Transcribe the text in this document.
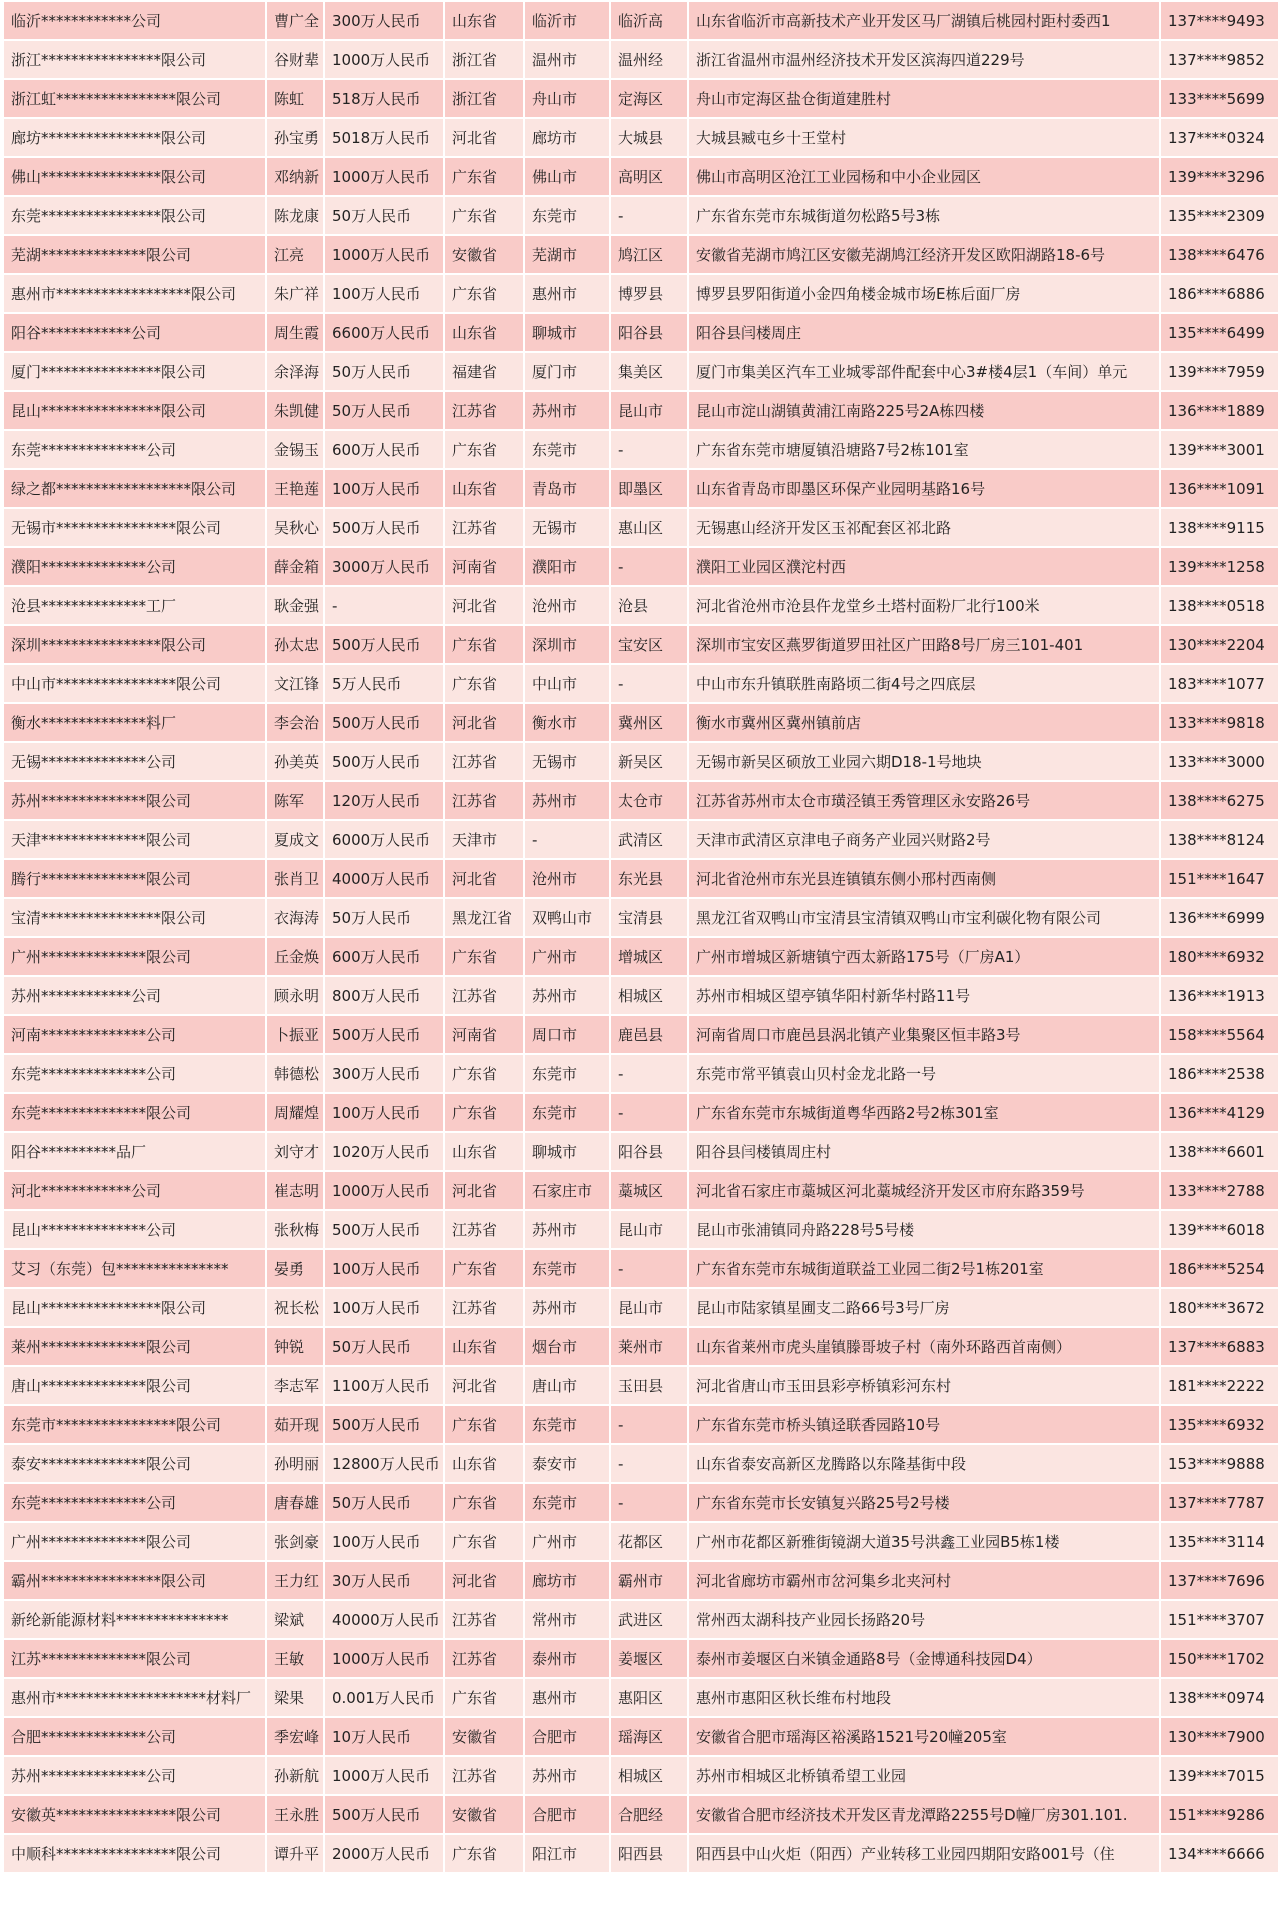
临沂************公司	曹广全	300万人民币	山东省	临沂市	临沂高	山东省临沂市高新技术产业开发区马厂湖镇后桃园村距村委西1	137****9493
浙江****************限公司	谷财辈	1000万人民币	浙江省	温州市	温州经	浙江省温州市温州经济技术开发区滨海四道229号	137****9852
浙江虹****************限公司	陈虹	518万人民币	浙江省	舟山市	定海区	舟山市定海区盐仓街道建胜村	133****5699
廊坊****************限公司	孙宝勇	5018万人民币	河北省	廊坊市	大城县	大城县臧屯乡十王堂村	137****0324
佛山****************限公司	邓纳新	1000万人民币	广东省	佛山市	高明区	佛山市高明区沧江工业园杨和中小企业园区	139****3296
东莞****************限公司	陈龙康	50万人民币	广东省	东莞市	-	广东省东莞市东城街道勿松路5号3栋	135****2309
芜湖**************限公司	江亮	1000万人民币	安徽省	芜湖市	鸠江区	安徽省芜湖市鸠江区安徽芜湖鸠江经济开发区欧阳湖路18-6号	138****6476
惠州市******************限公司	朱广祥	100万人民币	广东省	惠州市	博罗县	博罗县罗阳街道小金四角楼金城市场E栋后面厂房	186****6886
阳谷************公司	周生霞	6600万人民币	山东省	聊城市	阳谷县	阳谷县闫楼周庄	135****6499
厦门****************限公司	余泽海	50万人民币	福建省	厦门市	集美区	厦门市集美区汽车工业城零部件配套中心3#楼4层1（车间）单元	139****7959
昆山****************限公司	朱凯健	50万人民币	江苏省	苏州市	昆山市	昆山市淀山湖镇黄浦江南路225号2A栋四楼	136****1889
东莞**************公司	金锡玉	600万人民币	广东省	东莞市	-	广东省东莞市塘厦镇沿塘路7号2栋101室	139****3001
绿之都******************限公司	王艳莲	100万人民币	山东省	青岛市	即墨区	山东省青岛市即墨区环保产业园明基路16号	136****1091
无锡市****************限公司	吴秋心	500万人民币	江苏省	无锡市	惠山区	无锡惠山经济开发区玉祁配套区祁北路	138****9115
濮阳**************公司	薛金箱	3000万人民币	河南省	濮阳市	-	濮阳工业园区濮沱村西	139****1258
沧县**************工厂	耿金强	-	河北省	沧州市	沧县	河北省沧州市沧县仵龙堂乡土塔村面粉厂北行100米	138****0518
深圳****************限公司	孙太忠	500万人民币	广东省	深圳市	宝安区	深圳市宝安区燕罗街道罗田社区广田路8号厂房三101-401	130****2204
中山市****************限公司	文江锋	5万人民币	广东省	中山市	-	中山市东升镇联胜南路顷二街4号之四底层	183****1077
衡水**************料厂	李会治	500万人民币	河北省	衡水市	冀州区	衡水市冀州区冀州镇前店	133****9818
无锡**************公司	孙美英	500万人民币	江苏省	无锡市	新吴区	无锡市新吴区硕放工业园六期D18-1号地块	133****3000
苏州**************限公司	陈军	120万人民币	江苏省	苏州市	太仓市	江苏省苏州市太仓市璜泾镇王秀管理区永安路26号	138****6275
天津**************限公司	夏成文	6000万人民币	天津市	-	武清区	天津市武清区京津电子商务产业园兴财路2号	138****8124
腾行**************限公司	张肖卫	4000万人民币	河北省	沧州市	东光县	河北省沧州市东光县连镇镇东侧小邢村西南侧	151****1647
宝清****************限公司	衣海涛	50万人民币	黑龙江省	双鸭山市	宝清县	黑龙江省双鸭山市宝清县宝清镇双鸭山市宝利碳化物有限公司	136****6999
广州**************限公司	丘金焕	600万人民币	广东省	广州市	增城区	广州市增城区新塘镇宁西太新路175号（厂房A1）	180****6932
苏州************公司	顾永明	800万人民币	江苏省	苏州市	相城区	苏州市相城区望亭镇华阳村新华村路11号	136****1913
河南**************公司	卜振亚	500万人民币	河南省	周口市	鹿邑县	河南省周口市鹿邑县涡北镇产业集聚区恒丰路3号	158****5564
东莞**************公司	韩德松	300万人民币	广东省	东莞市	-	东莞市常平镇袁山贝村金龙北路一号	186****2538
东莞**************限公司	周耀煌	100万人民币	广东省	东莞市	-	广东省东莞市东城街道粤华西路2号2栋301室	136****4129
阳谷**********品厂	刘守才	1020万人民币	山东省	聊城市	阳谷县	阳谷县闫楼镇周庄村	138****6601
河北************公司	崔志明	1000万人民币	河北省	石家庄市	藁城区	河北省石家庄市藁城区河北藁城经济开发区市府东路359号	133****2788
昆山**************公司	张秋梅	500万人民币	江苏省	苏州市	昆山市	昆山市张浦镇同舟路228号5号楼	139****6018
艾习（东莞）包***************	晏勇	100万人民币	广东省	东莞市	-	广东省东莞市东城街道联益工业园二街2号1栋201室	186****5254
昆山****************限公司	祝长松	100万人民币	江苏省	苏州市	昆山市	昆山市陆家镇星圃支二路66号3号厂房	180****3672
莱州**************限公司	钟锐	50万人民币	山东省	烟台市	莱州市	山东省莱州市虎头崖镇滕哥坡子村（南外环路西首南侧）	137****6883
唐山**************限公司	李志军	1100万人民币	河北省	唐山市	玉田县	河北省唐山市玉田县彩亭桥镇彩河东村	181****2222
东莞市****************限公司	茹开现	500万人民币	广东省	东莞市	-	广东省东莞市桥头镇迳联香园路10号	135****6932
泰安**************限公司	孙明丽	12800万人民币	山东省	泰安市	-	山东省泰安高新区龙腾路以东隆基街中段	153****9888
东莞**************公司	唐春雄	50万人民币	广东省	东莞市	-	广东省东莞市长安镇复兴路25号2号楼	137****7787
广州**************限公司	张剑豪	100万人民币	广东省	广州市	花都区	广州市花都区新雅街镜湖大道35号洪鑫工业园B5栋1楼	135****3114
霸州****************限公司	王力红	30万人民币	河北省	廊坊市	霸州市	河北省廊坊市霸州市岔河集乡北夹河村	137****7696
新纶新能源材料***************	梁斌	40000万人民币	江苏省	常州市	武进区	常州西太湖科技产业园长扬路20号	151****3707
江苏**************限公司	王敏	1000万人民币	江苏省	泰州市	姜堰区	泰州市姜堰区白米镇金通路8号（金博通科技园D4）	150****1702
惠州市********************材料厂	梁果	0.001万人民币	广东省	惠州市	惠阳区	惠州市惠阳区秋长维布村地段	138****0974
合肥**************公司	季宏峰	10万人民币	安徽省	合肥市	瑶海区	安徽省合肥市瑶海区裕溪路1521号20幢205室	130****7900
苏州**************公司	孙新航	1000万人民币	江苏省	苏州市	相城区	苏州市相城区北桥镇希望工业园	139****7015
安徽英****************限公司	王永胜	500万人民币	安徽省	合肥市	合肥经	安徽省合肥市经济技术开发区青龙潭路2255号D幢厂房301.101.	151****9286
中顺科****************限公司	谭升平	2000万人民币	广东省	阳江市	阳西县	阳西县中山火炬（阳西）产业转移工业园四期阳安路001号（住	134****6666
